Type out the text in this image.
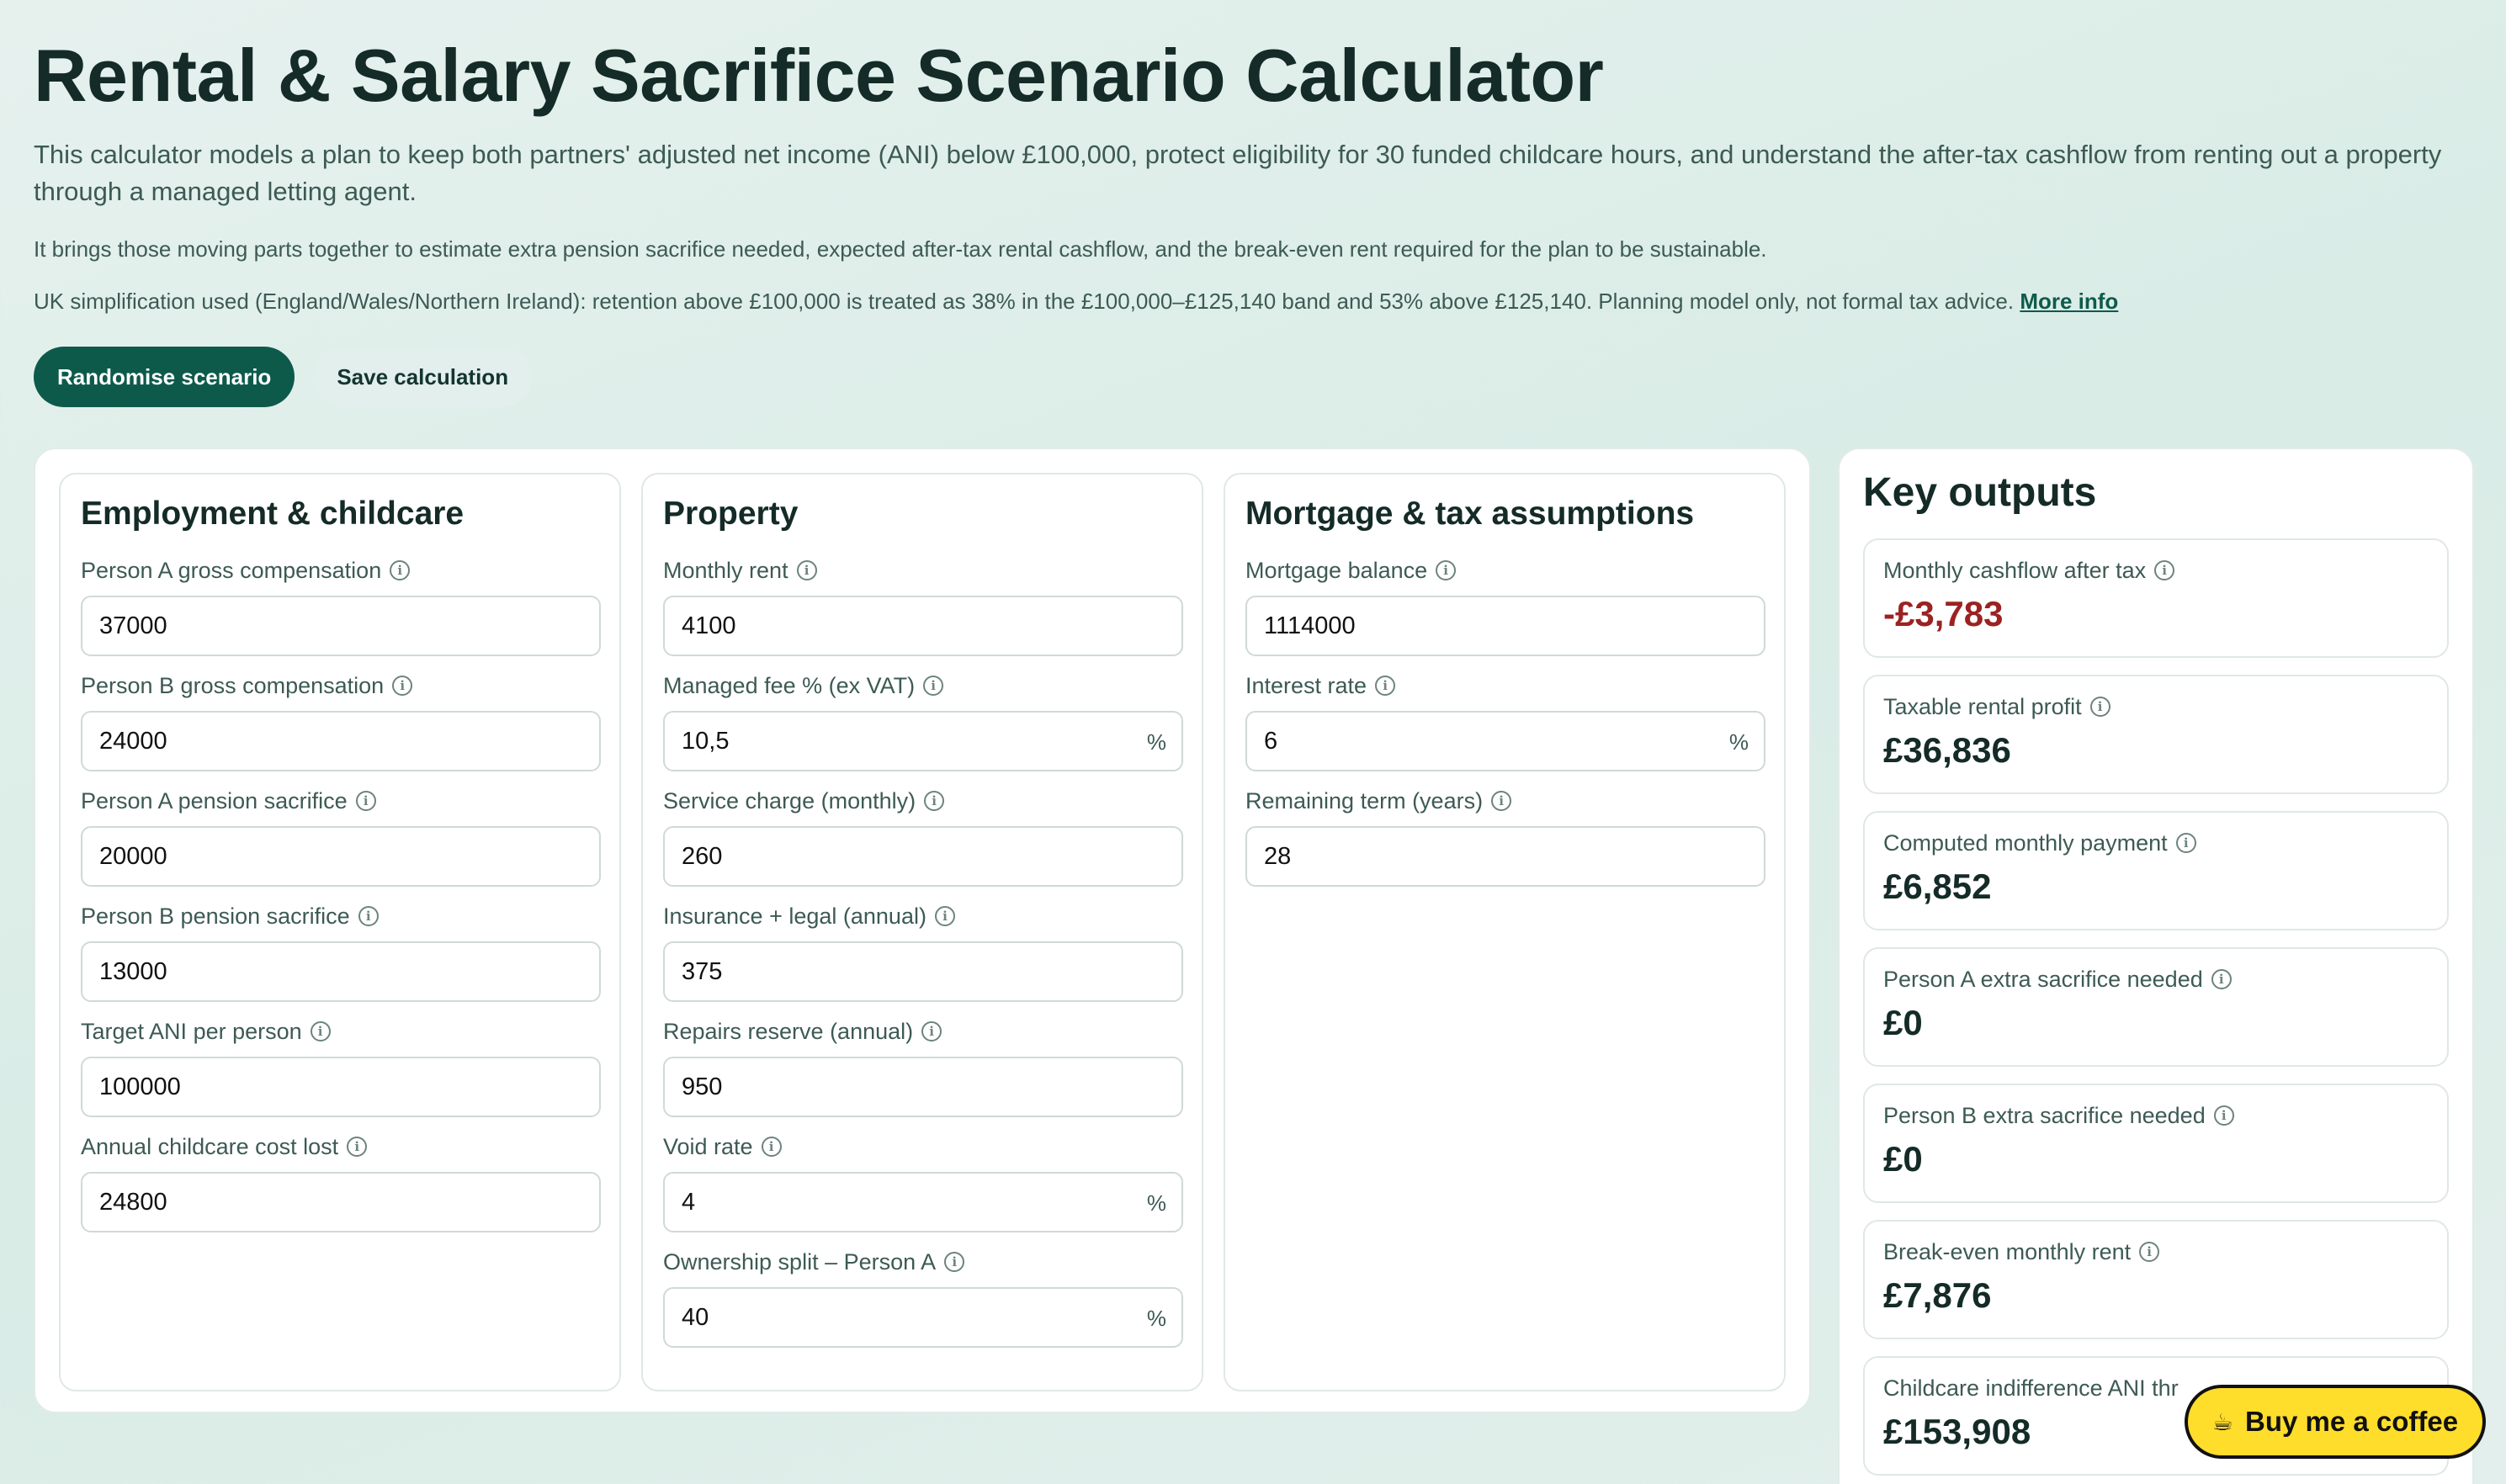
Rental & Salary Sacrifice Scenario Calculator

This calculator models a plan to keep both partners' adjusted net income (ANI) below £100,000, protect eligibility for 30 funded childcare hours, and understand the after-tax cashflow from renting out a property through a managed letting agent.

It brings those moving parts together to estimate extra pension sacrifice needed, expected after-tax rental cashflow, and the break-even rent required for the plan to be sustainable.

UK simplification used (England/Wales/Northern Ireland): retention above £100,000 is treated as 38% in the £100,000–£125,140 band and 53% above £125,140. Planning model only, not formal tax advice. More info

Randomise scenario	Save calculation
Employment & childcare
Person A gross compensation	i
37000
Person B gross compensation	i
24000
Person A pension sacrifice	i
20000
Person B pension sacrifice	i
13000
Target ANI per person	i
100000
Annual childcare cost lost	i
24800
Property
Monthly rent	i
4100
Managed fee % (ex VAT)	i
10,5
%
Service charge (monthly)	i
260
Insurance + legal (annual)	i
375
Repairs reserve (annual)	i
950
Void rate	i
4
%
Ownership split – Person A	i
40
%
Mortgage & tax assumptions
Mortgage balance	i
1114000
Interest rate	i
6
%
Remaining term (years)	i
28
Key outputs
Monthly cashflow after tax	i
-£3,783
Taxable rental profit	i
£36,836
Computed monthly payment	i
£6,852
Person A extra sacrifice needed	i
£0
Person B extra sacrifice needed	i
£0
Break-even monthly rent	i
£7,876
Childcare indifference ANI thr
£153,908	☕ Buy me a coffee
